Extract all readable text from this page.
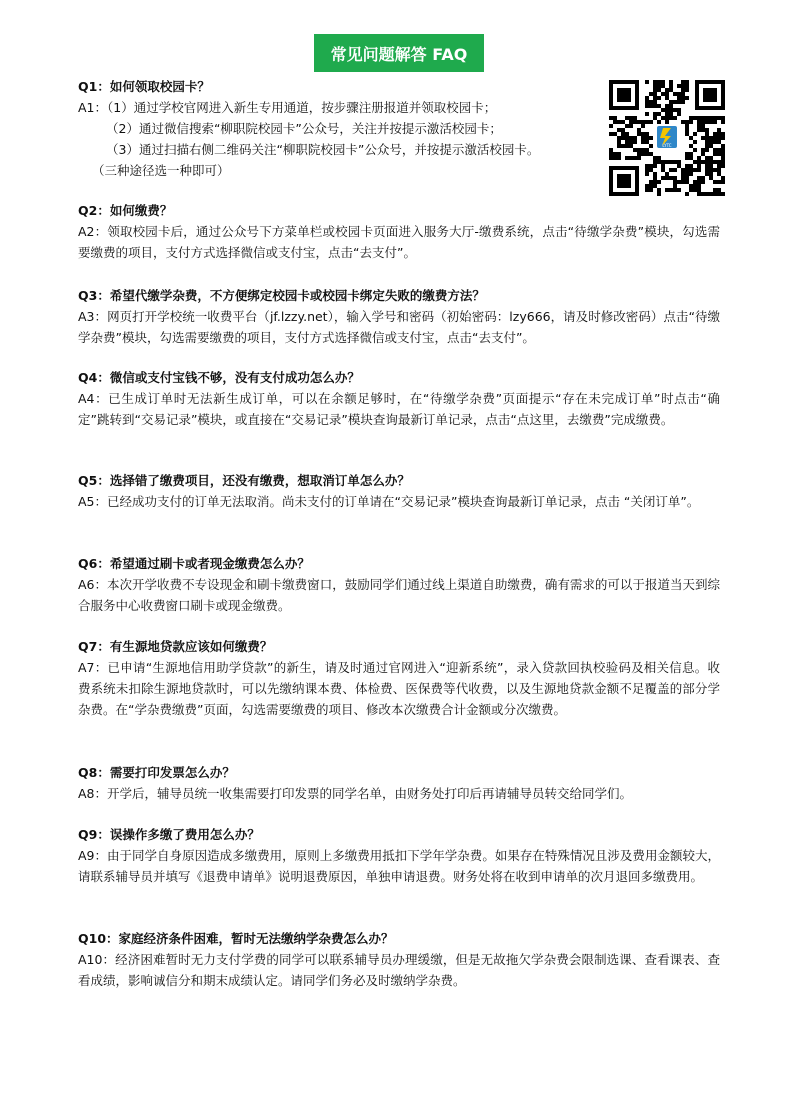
常见问题解答 FAQ

Q1：如何领取校园卡？

A1：（1）通过学校官网进入新生专用通道，按步骤注册报道并领取校园卡；

（2）通过微信搜索“柳职院校园卡”公众号，关注并按提示激活校园卡；

（3）通过扫描右侧二维码关注“柳职院校园卡”公众号，并按提示激活校园卡。

（三种途径选一种即可）

LYTC

Q2：如何缴费？

A2：领取校园卡后，通过公众号下方菜单栏或校园卡页面进入服务大厅-缴费系统，点击“待缴学杂费”模块，勾选需要缴费的项目，支付方式选择微信或支付宝，点击“去支付”。

Q3：希望代缴学杂费，不方便绑定校园卡或校园卡绑定失败的缴费方法？

A3：网页打开学校统一收费平台（jf.lzzy.net），输入学号和密码（初始密码：lzy666，请及时修改密码）点击“待缴学杂费”模块，勾选需要缴费的项目，支付方式选择微信或支付宝，点击“去支付”。

Q4：微信或支付宝钱不够，没有支付成功怎么办？

A4：已生成订单时无法新生成订单，可以在余额足够时，在“待缴学杂费”页面提示“存在未完成订单”时点击“确定”跳转到“交易记录”模块，或直接在“交易记录”模块查询最新订单记录，点击“点这里，去缴费”完成缴费。

Q5：选择错了缴费项目，还没有缴费，想取消订单怎么办？

A5：已经成功支付的订单无法取消。尚未支付的订单请在“交易记录”模块查询最新订单记录，点击 “关闭订单”。

Q6：希望通过刷卡或者现金缴费怎么办？

A6：本次开学收费不专设现金和刷卡缴费窗口，鼓励同学们通过线上渠道自助缴费，确有需求的可以于报道当天到综合服务中心收费窗口刷卡或现金缴费。

Q7：有生源地贷款应该如何缴费？

A7：已申请“生源地信用助学贷款”的新生，请及时通过官网进入“迎新系统”，录入贷款回执校验码及相关信息。收费系统未扣除生源地贷款时，可以先缴纳课本费、体检费、医保费等代收费，以及生源地贷款金额不足覆盖的部分学杂费。在“学杂费缴费”页面，勾选需要缴费的项目、修改本次缴费合计金额或分次缴费。

Q8：需要打印发票怎么办？

A8：开学后，辅导员统一收集需要打印发票的同学名单，由财务处打印后再请辅导员转交给同学们。

Q9：误操作多缴了费用怎么办？

A9：由于同学自身原因造成多缴费用，原则上多缴费用抵扣下学年学杂费。如果存在特殊情况且涉及费用金额较大，请联系辅导员并填写《退费申请单》说明退费原因，单独申请退费。财务处将在收到申请单的次月退回多缴费用。

Q10：家庭经济条件困难，暂时无法缴纳学杂费怎么办？

A10：经济困难暂时无力支付学费的同学可以联系辅导员办理缓缴，但是无故拖欠学杂费会限制选课、查看课表、查看成绩，影响诚信分和期末成绩认定。请同学们务必及时缴纳学杂费。
